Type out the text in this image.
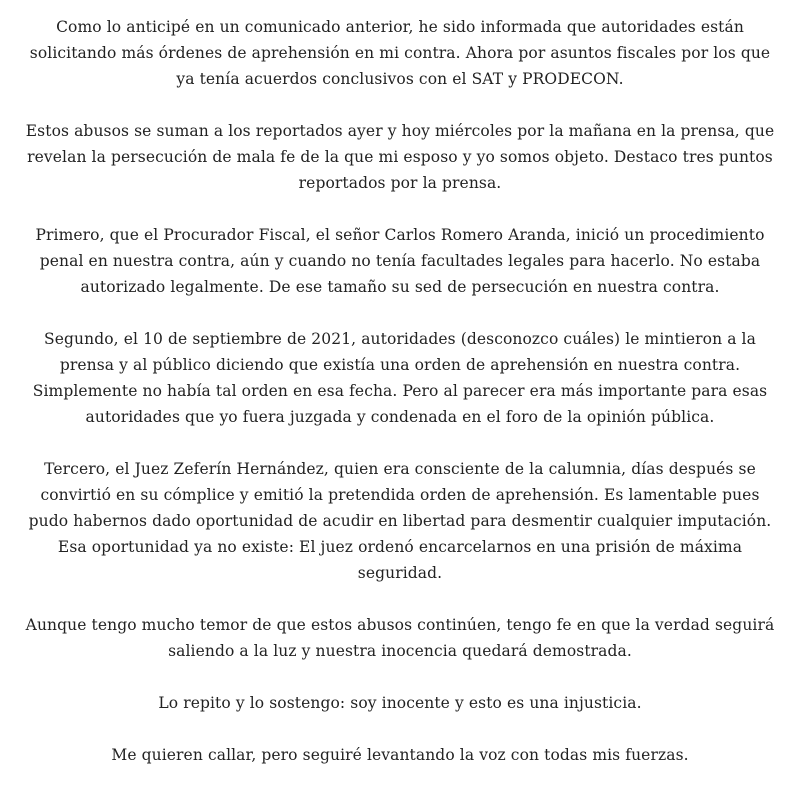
Como lo anticipé en un comunicado anterior, he sido informada que autoridades están
solicitando más órdenes de aprehensión en mi contra. Ahora por asuntos fiscales por los que
ya tenía acuerdos conclusivos con el SAT y PRODECON.

Estos abusos se suman a los reportados ayer y hoy miércoles por la mañana en la prensa, que
revelan la persecución de mala fe de la que mi esposo y yo somos objeto. Destaco tres puntos
reportados por la prensa.

Primero, que el Procurador Fiscal, el señor Carlos Romero Aranda, inició un procedimiento
penal en nuestra contra, aún y cuando no tenía facultades legales para hacerlo. No estaba
autorizado legalmente. De ese tamaño su sed de persecución en nuestra contra.

Segundo, el 10 de septiembre de 2021, autoridades (desconozco cuáles) le mintieron a la
prensa y al público diciendo que existía una orden de aprehensión en nuestra contra.
Simplemente no había tal orden en esa fecha. Pero al parecer era más importante para esas
autoridades que yo fuera juzgada y condenada en el foro de la opinión pública.

Tercero, el Juez Zeferín Hernández, quien era consciente de la calumnia, días después se
convirtió en su cómplice y emitió la pretendida orden de aprehensión. Es lamentable pues
pudo habernos dado oportunidad de acudir en libertad para desmentir cualquier imputación.
Esa oportunidad ya no existe: El juez ordenó encarcelarnos en una prisión de máxima
seguridad.

Aunque tengo mucho temor de que estos abusos continúen, tengo fe en que la verdad seguirá
saliendo a la luz y nuestra inocencia quedará demostrada.

Lo repito y lo sostengo: soy inocente y esto es una injusticia.

Me quieren callar, pero seguiré levantando la voz con todas mis fuerzas.
